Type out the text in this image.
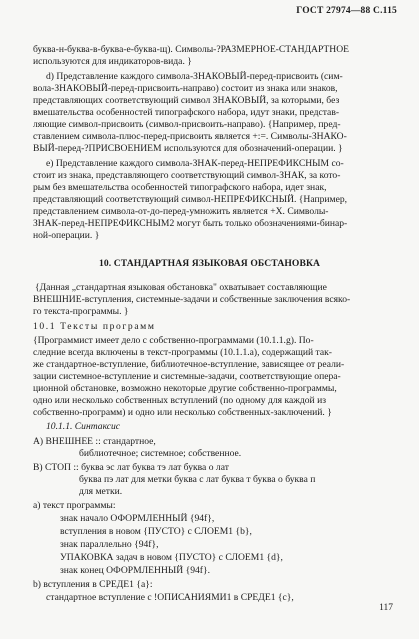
ГОСТ 27974—88 С.115
буква-н-буква-в-буква-е-буква-щ). Символы-?РАЗМЕРНОЕ-СТАНДАРТНОЕ
используются для индикаторов-вида. }
d) Представление каждого символа-ЗНАКОВЫЙ-перед-присвоить (сим-
вола-ЗНАКОВЫЙ-перед-присвоить-направо) состоит из знака или знаков,
представляющих соответствующий символ ЗНАКОВЫЙ, за которыми, без
вмешательства особенностей типографского набора, идут знаки, представ-
ляющие символ-присвоить (символ-присвоить-направо). {Например, пред-
ставлением символа-плюс-перед-присвоить является +:=. Символы-ЗНАКО-
ВЫЙ-перед-?ПРИСВОЕНИЕМ используются для обозначений-операции. }
e) Представление каждого символа-ЗНАК-перед-НЕПРЕФИКСНЫМ со-
стоит из знака, представляющего соответствующий символ-ЗНАК, за кото-
рым без вмешательства особенностей типографского набора, идет знак,
представляющий соответствующий символ-НЕПРЕФИКСНЫЙ. {Например,
представлением символа-от-до-перед-умножить является +X. Символы-
ЗНАК-перед-НЕПРЕФИКСНЫМ2 могут быть только обозначениями-бинар-
ной-операции. }
10. СТАНДАРТНАЯ ЯЗЫКОВАЯ ОБСТАНОВКА
{Данная „стандартная языковая обстановка" охватывает составляющие
ВНЕШНИЕ-вступления, системные-задачи и собственные заключения всяко-
го текста-программы. }
10.1 Тексты программ
{Программист имеет дело с собственно-программами (10.1.1.g). По-
следние всегда включены в текст-программы (10.1.1.a), содержащий так-
же стандартное-вступление, библиотечное-вступление, зависящее от реали-
зации системное-вступление и системные-задачи, соответствующие опера-
ционной обстановке, возможно некоторые другие собственно-программы,
одно или несколько собственных вступлений (по одному для каждой из
собственно-программ) и одно или несколько собственных-заключений. }
10.1.1. Синтаксис
A) ВНЕШНЕЕ :: стандартное,
библиотечное; системное; собственное.
B) СТОП :: буква эс лат буква тэ лат буква о лат
буква пэ лат для метки буква с лат буква т буква о буква п
для метки.
a) текст программы:
знак начало ОФОРМЛЕННЫЙ {94f},
вступления в новом {ПУСТО} с СЛОЕМ1 {b},
знак параллельно {94f},
УПАКОВКА задач в новом {ПУСТО} с СЛОЕМ1 {d},
знак конец ОФОРМЛЕННЫЙ {94f}.
b) вступления в СРЕДЕ1 {a}:
стандартное вступление с !ОПИСАНИЯМИ1 в СРЕДЕ1 {c},
117
